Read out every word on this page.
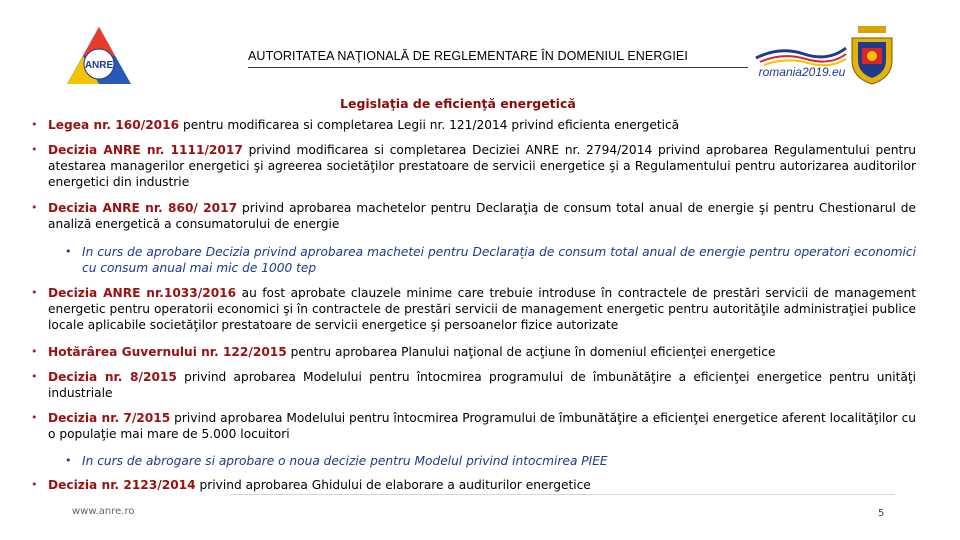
ANRE
AUTORITATEA NAŢIONALĂ DE REGLEMENTARE ÎN DOMENIUL ENERGIEI
romania2019.eu
Legislaţia de eficienţă energetică
• Legea nr. 160/2016 pentru modificarea si completarea Legii nr. 121/2014 privind eficienta energetică
• Decizia ANRE nr. 1111/2017 privind modificarea si completarea Deciziei ANRE nr. 2794/2014 privind aprobarea Regulamentului pentru atestarea managerilor energetici şi agreerea societăţilor prestatoare de servicii energetice şi a Regulamentului pentru autorizarea auditorilor energetici din industrie
• Decizia ANRE nr. 860/ 2017 privind aprobarea machetelor pentru Declaraţia de consum total anual de energie şi pentru Chestionarul de analiză energetică a consumatorului de energie
• In curs de aprobare Decizia privind aprobarea machetei pentru Declarația de consum total anual de energie pentru operatori economici cu consum anual mai mic de 1000 tep
• Decizia ANRE nr.1033/2016 au fost aprobate clauzele minime care trebuie introduse în contractele de prestări servicii de management energetic pentru operatorii economici şi în contractele de prestări servicii de management energetic pentru autorităţile administraţiei publice locale aplicabile societăţilor prestatoare de servicii energetice şi persoanelor fizice autorizate
• Hotărârea Guvernului nr. 122/2015 pentru aprobarea Planului naţional de acţiune în domeniul eficienţei energetice
• Decizia nr. 8/2015 privind aprobarea Modelului pentru întocmirea programului de îmbunătăţire a eficienţei energetice pentru unităţi industriale
• Decizia nr. 7/2015 privind aprobarea Modelului pentru întocmirea Programului de îmbunătăţire a eficienţei energetice aferent localităţilor cu o populaţie mai mare de 5.000 locuitori
• In curs de abrogare si aprobare o noua decizie pentru Modelul privind intocmirea PIEE
• Decizia nr. 2123/2014 privind aprobarea Ghidului de elaborare a auditurilor energetice
www.anre.ro	5
